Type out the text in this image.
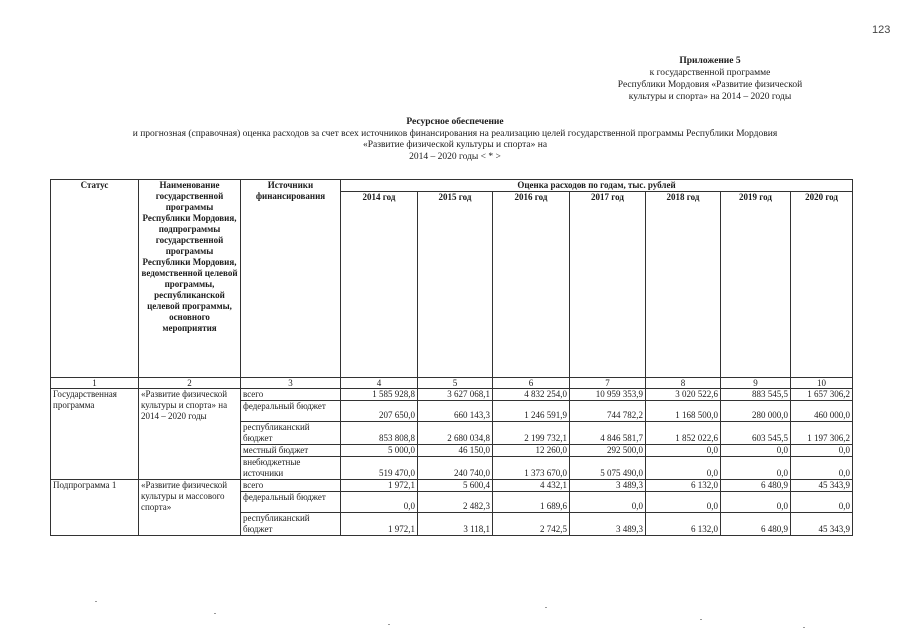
123
Приложение 5
к государственной программе
Республики Мордовия «Развитие физической
культуры и спорта» на 2014 – 2020 годы
Ресурсное обеспечение
и прогнозная (справочная) оценка расходов за счет всех источников финансирования на реализацию целей государственной программы Республики Мордовия
«Развитие физической культуры и спорта» на
2014 – 2020 годы < * >
Статус	Наименование государственной программы Республики Мордовия, подпрограммы государственной программы Республики Мордовия, ведомственной целевой программы, республиканской целевой программы, основного мероприятия	Источники финансирования	Оценка расходов по годам, тыс. рублей						
			2014 год	2015 год	2016 год	2017 год	2018 год	2019 год	2020 год
1	2	3	4	5	6	7	8	9	10
Государственная программа	«Развитие физической культуры и спорта» на 2014 – 2020 годы	всего	1 585 928,8	3 627 068,1	4 832 254,0	10 959 353,9	3 020 522,6	883 545,5	1 657 306,2
		федеральный бюджет	207 650,0	660 143,3	1 246 591,9	744 782,2	1 168 500,0	280 000,0	460 000,0
		республиканский бюджет	853 808,8	2 680 034,8	2 199 732,1	4 846 581,7	1 852 022,6	603 545,5	1 197 306,2
		местный бюджет	5 000,0	46 150,0	12 260,0	292 500,0	0,0	0,0	0,0
		внебюджетные источники	519 470,0	240 740,0	1 373 670,0	5 075 490,0	0,0	0,0	0,0
Подпрограмма 1	«Развитие физической культуры и массового спорта»	всего	1 972,1	5 600,4	4 432,1	3 489,3	6 132,0	6 480,9	45 343,9
		федеральный бюджет	0,0	2 482,3	1 689,6	0,0	0,0	0,0	0,0
		республиканский бюджет	1 972,1	3 118,1	2 742,5	3 489,3	6 132,0	6 480,9	45 343,9
